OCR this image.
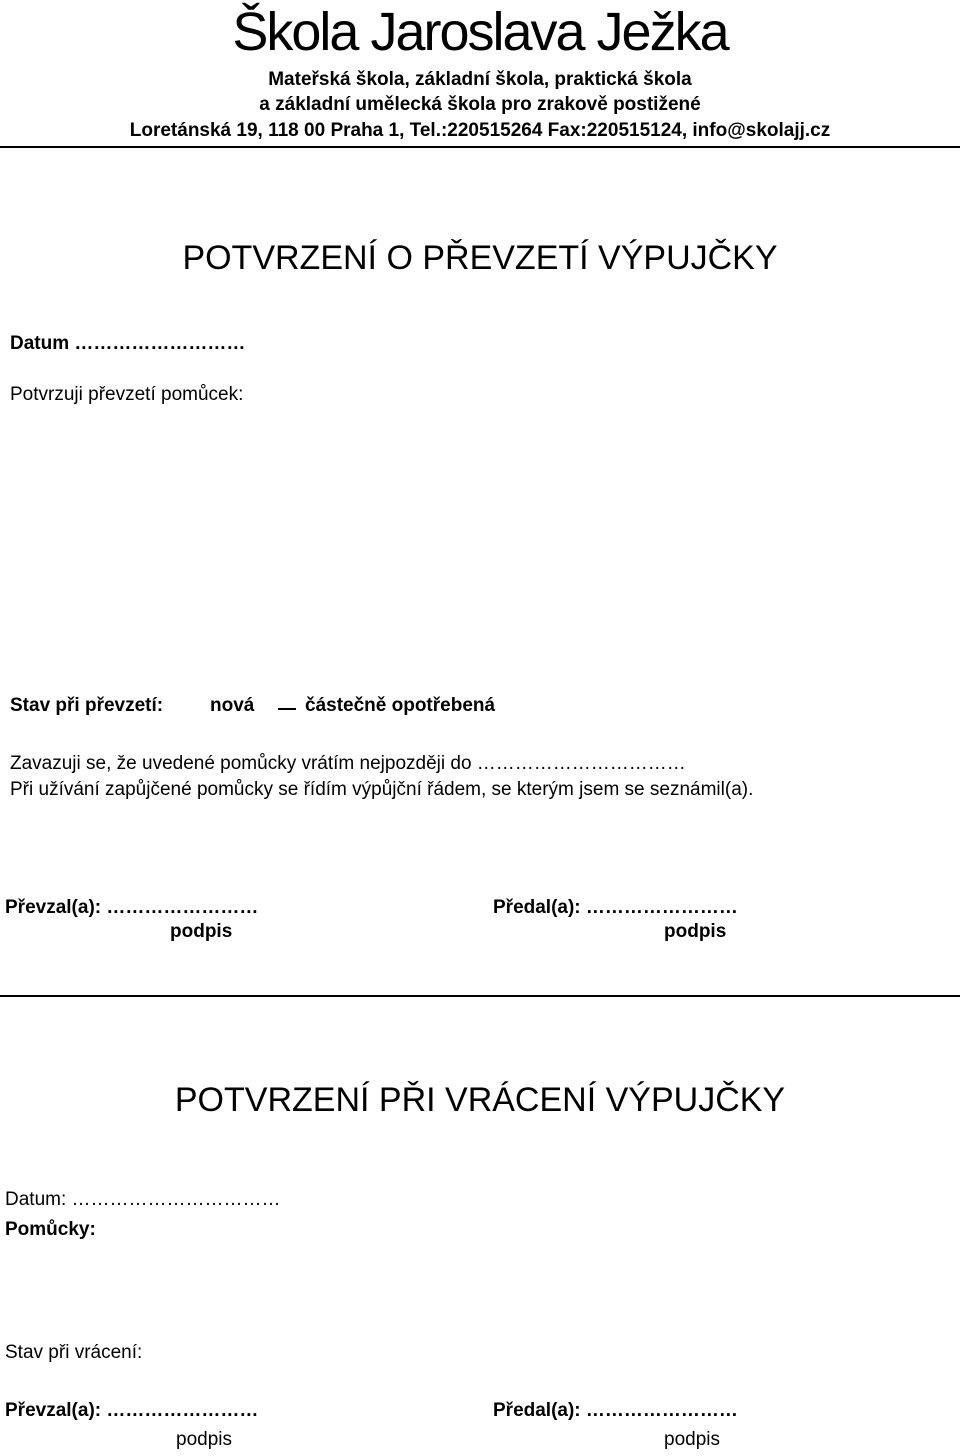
Škola Jaroslava Ježka
Mateřská škola, základní škola, praktická škola
a základní umělecká škola pro zrakově postižené
Loretánská 19, 118 00 Praha 1, Tel.:220515264 Fax:220515124, info@skolajj.cz
POTVRZENÍ O PŘEVZETÍ VÝPUJČKY
Datum ………………………
Potvrzuji převzetí pomůcek:
Stav při převzetí: nová	částečně opotřebená
Zavazuji se, že uvedené pomůcky vrátím nejpozději do ……………………………
Při užívání zapůjčené pomůcky se řídím výpůjční řádem, se kterým jsem se seznámil(a).
Převzal(a): ……………………	Předal(a): ……………………
podpis	podpis
POTVRZENÍ PŘI VRÁCENÍ VÝPUJČKY
Datum: ……………………………
Pomůcky:
Stav při vrácení:
Převzal(a): ……………………	Předal(a): ……………………
podpis	podpis
